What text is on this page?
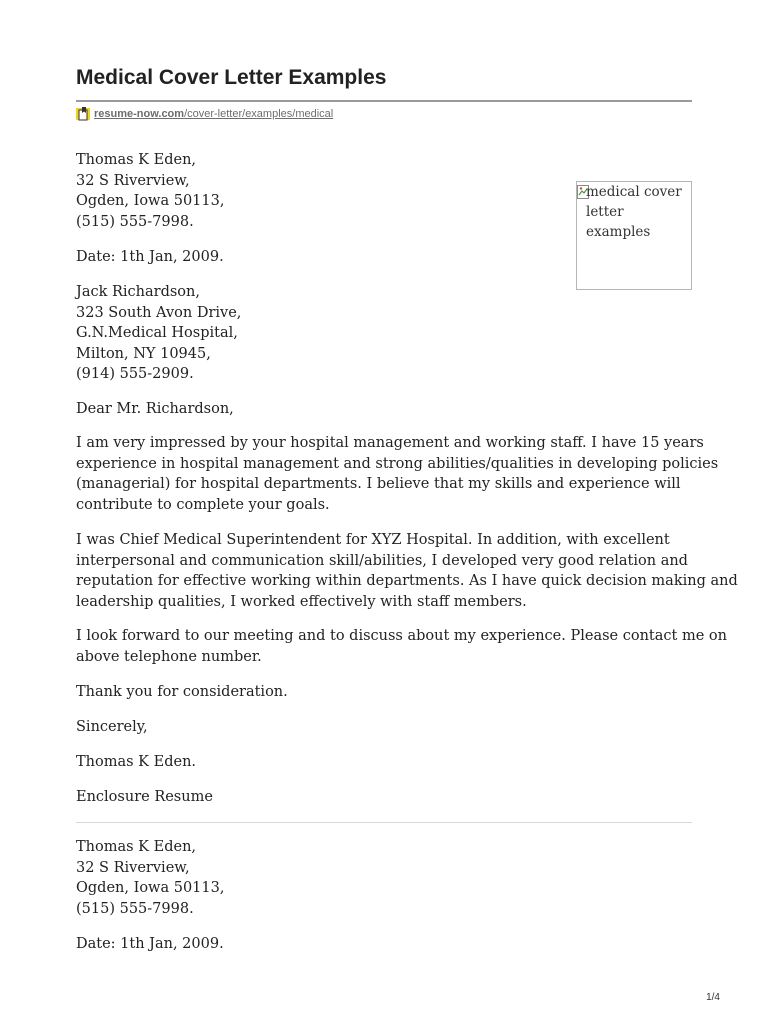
Medical Cover Letter Examples
resume-now.com /cover-letter/examples/medical
medical cover letter examples
Thomas K Eden,
32 S Riverview,
Ogden, Iowa 50113,
(515) 555-7998.

Date: 1th Jan, 2009.

Jack Richardson,
323 South Avon Drive,
G.N.Medical Hospital,
Milton, NY 10945,
(914) 555-2909.

Dear Mr. Richardson,

I am very impressed by your hospital management and working staff. I have 15 years
experience in hospital management and strong abilities/qualities in developing policies
(managerial) for hospital departments. I believe that my skills and experience will
contribute to complete your goals.
I was Chief Medical Superintendent for XYZ Hospital. In addition, with excellent
interpersonal and communication skill/abilities, I developed very good relation and
reputation for effective working within departments. As I have quick decision making and
leadership qualities, I worked effectively with staff members.
I look forward to our meeting and to discuss about my experience. Please contact me on
above telephone number.

Thank you for consideration.

Sincerely,

Thomas K Eden.

Enclosure Resume

Thomas K Eden,
32 S Riverview,
Ogden, Iowa 50113,
(515) 555-7998.

Date: 1th Jan, 2009.

1/4
